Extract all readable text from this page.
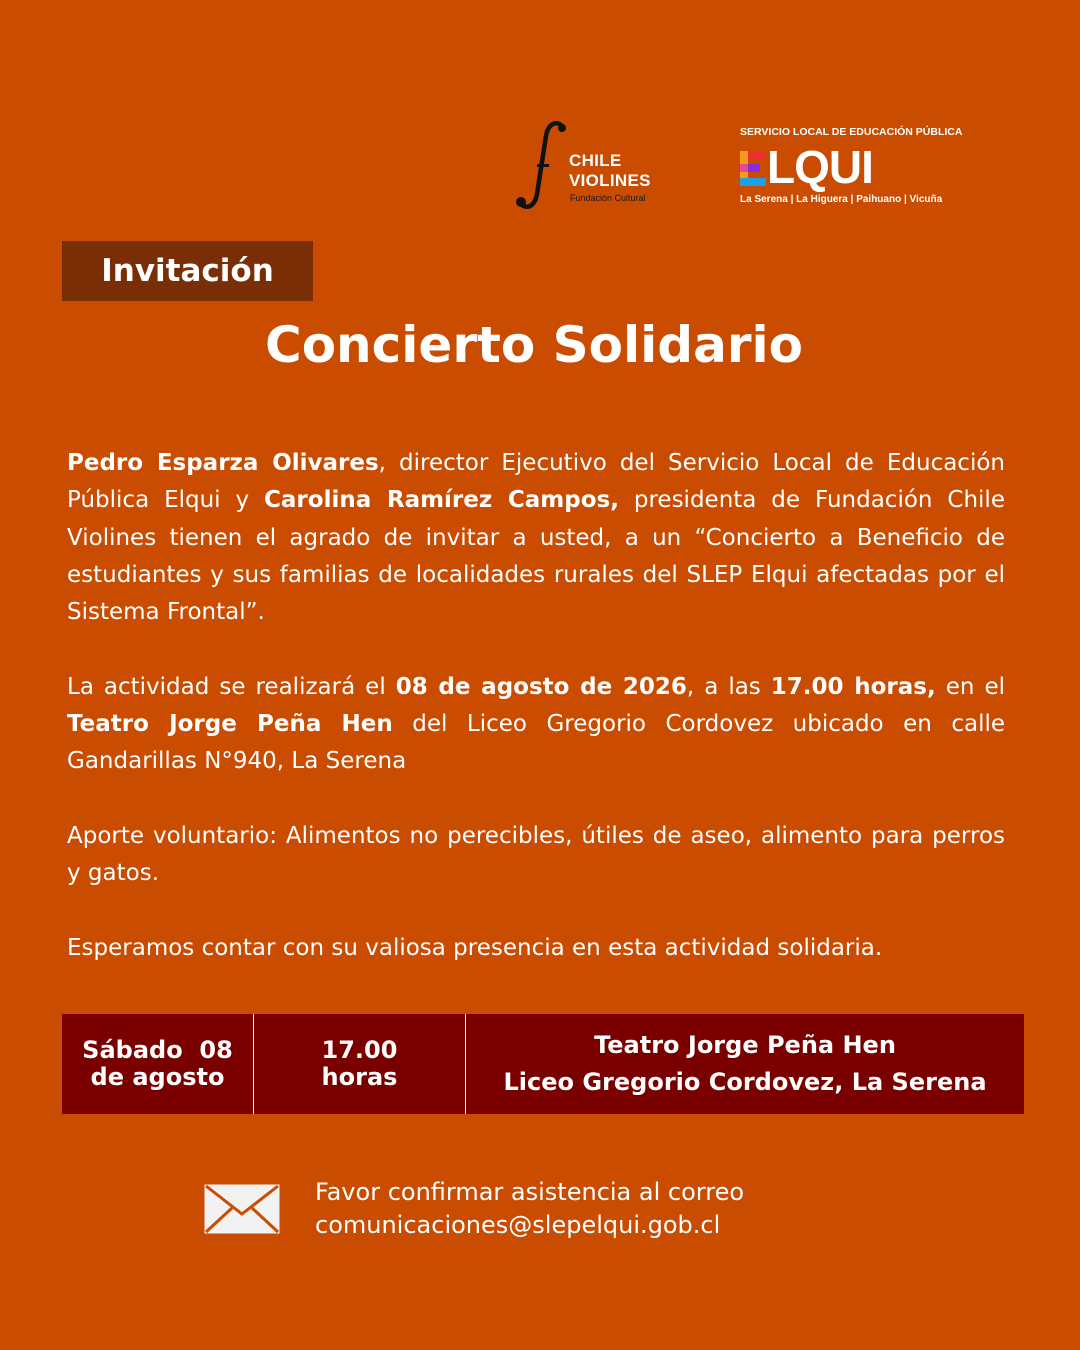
CHILE
VIOLINES
Fundación Cultural
SERVICIO LOCAL DE EDUCACIÓN PÚBLICA
LQUI
La Serena | La Higuera | Paihuano | Vicuña
Invitación
Concierto Solidario

Pedro Esparza Olivares, director Ejecutivo del Servicio Local de Educación Pública Elqui y Carolina Ramírez Campos, presidenta de Fundación Chile Violines tienen el agrado de invitar a usted, a un “Concierto a Beneficio de estudiantes y sus familias de localidades rurales del SLEP Elqui afectadas por el Sistema Frontal”.

La actividad se realizará el 08 de agosto de 2026, a las 17.00 horas, en el Teatro Jorge Peña Hen del Liceo Gregorio Cordovez ubicado en calle Gandarillas N°940, La Serena

Aporte voluntario: Alimentos no perecibles, útiles de aseo, alimento para perros y gatos.

Esperamos contar con su valiosa presencia en esta actividad solidaria.

Sábado  08
de agosto
17.00
horas
Teatro Jorge Peña Hen
Liceo Gregorio Cordovez, La Serena
Favor confirmar asistencia al correo
comunicaciones@slepelqui.gob.cl
